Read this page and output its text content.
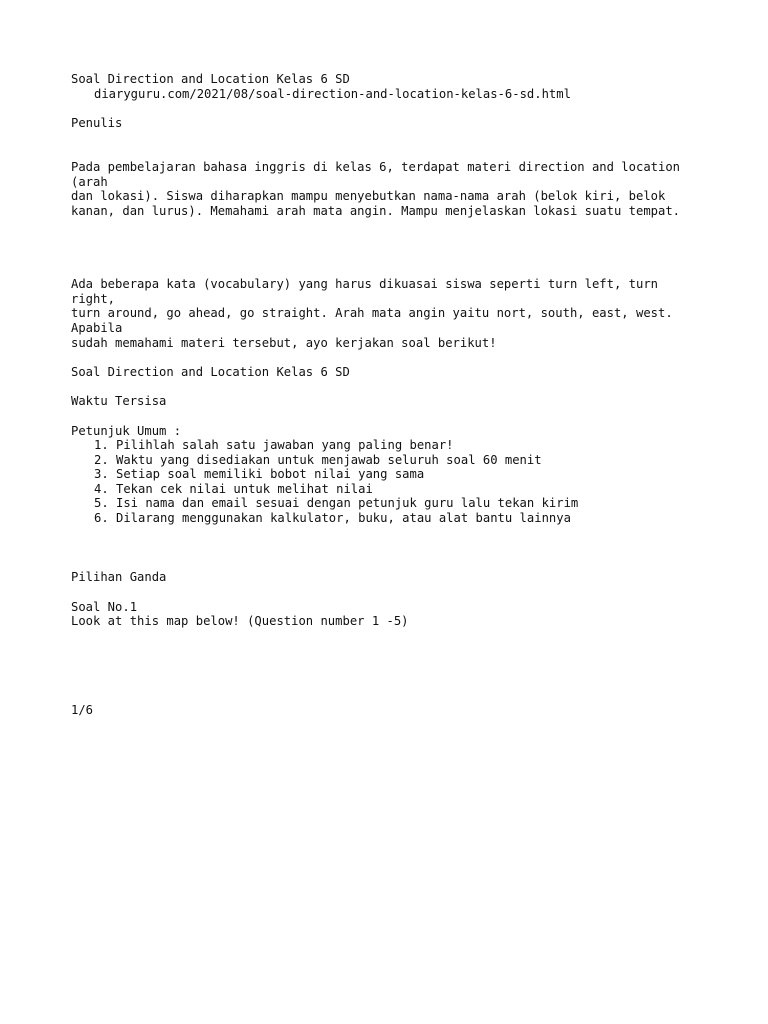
Soal Direction and Location Kelas 6 SD
diaryguru.com/2021/08/soal-direction-and-location-kelas-6-sd.html
Penulis
Pada pembelajaran bahasa inggris di kelas 6, terdapat materi direction and location
(arah
dan lokasi). Siswa diharapkan mampu menyebutkan nama-nama arah (belok kiri, belok
kanan, dan lurus). Memahami arah mata angin. Mampu menjelaskan lokasi suatu tempat.
Ada beberapa kata (vocabulary) yang harus dikuasai siswa seperti turn left, turn
right,
turn around, go ahead, go straight. Arah mata angin yaitu nort, south, east, west.
Apabila
sudah memahami materi tersebut, ayo kerjakan soal berikut!
Soal Direction and Location Kelas 6 SD
Waktu Tersisa
Petunjuk Umum :
1. Pilihlah salah satu jawaban yang paling benar!
2. Waktu yang disediakan untuk menjawab seluruh soal 60 menit
3. Setiap soal memiliki bobot nilai yang sama
4. Tekan cek nilai untuk melihat nilai
5. Isi nama dan email sesuai dengan petunjuk guru lalu tekan kirim
6. Dilarang menggunakan kalkulator, buku, atau alat bantu lainnya
Pilihan Ganda
Soal No.1
Look at this map below! (Question number 1 -5)
1/6
